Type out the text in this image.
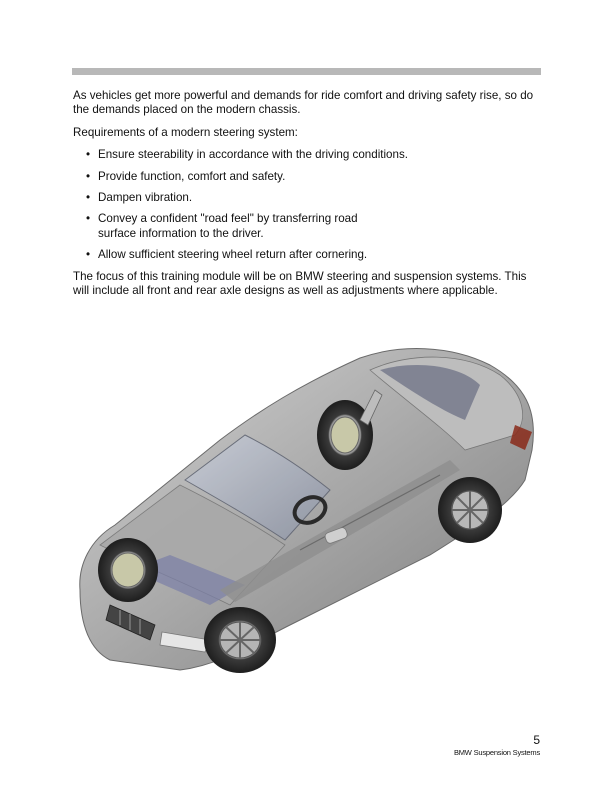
As vehicles get more powerful and demands for ride comfort and driving safety rise, so do the demands placed on the modern chassis.

Requirements of a modern steering system:

• Ensure steerability in accordance with the driving conditions.
• Provide function, comfort and safety.
• Dampen vibration.
• Convey a confident "road feel" by transferring road surface information to the driver.
• Allow sufficient steering wheel return after cornering.

The focus of this training module will be on BMW steering and suspension systems. This will include all front and rear axle designs as well as adjustments where applicable.

5
BMW Suspension Systems
